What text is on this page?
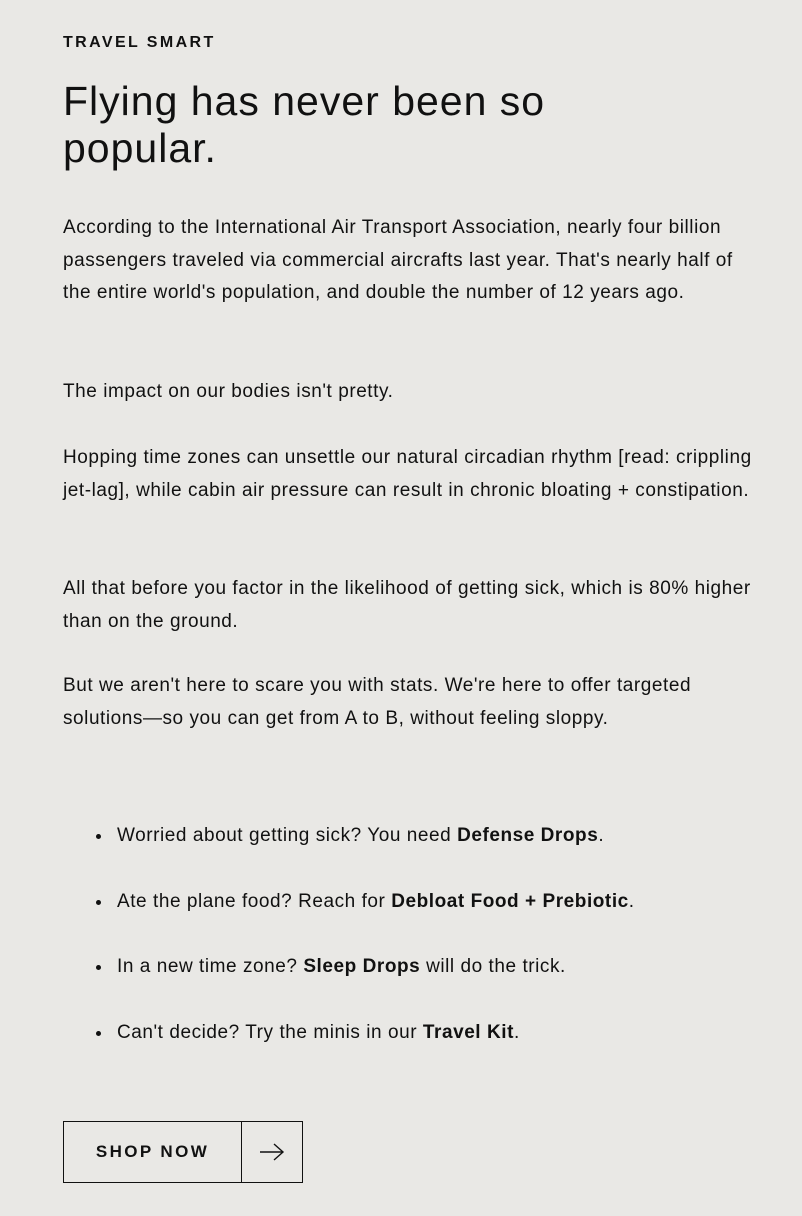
TRAVEL SMART

Flying has never been so popular.

According to the International Air Transport Association, nearly four billion passengers traveled via commercial aircrafts last year. That's nearly half of the entire world's population, and double the number of 12 years ago.

The impact on our bodies isn't pretty.

Hopping time zones can unsettle our natural circadian rhythm [read: crippling jet-lag], while cabin air pressure can result in chronic bloating + constipation.

All that before you factor in the likelihood of getting sick, which is 80% higher than on the ground.

But we aren't here to scare you with stats. We're here to offer targeted solutions—so you can get from A to B, without feeling sloppy.

Worried about getting sick? You need Defense Drops.
Ate the plane food? Reach for Debloat Food + Prebiotic.
In a new time zone? Sleep Drops will do the trick.
Can't decide? Try the minis in our Travel Kit.
SHOP NOW
